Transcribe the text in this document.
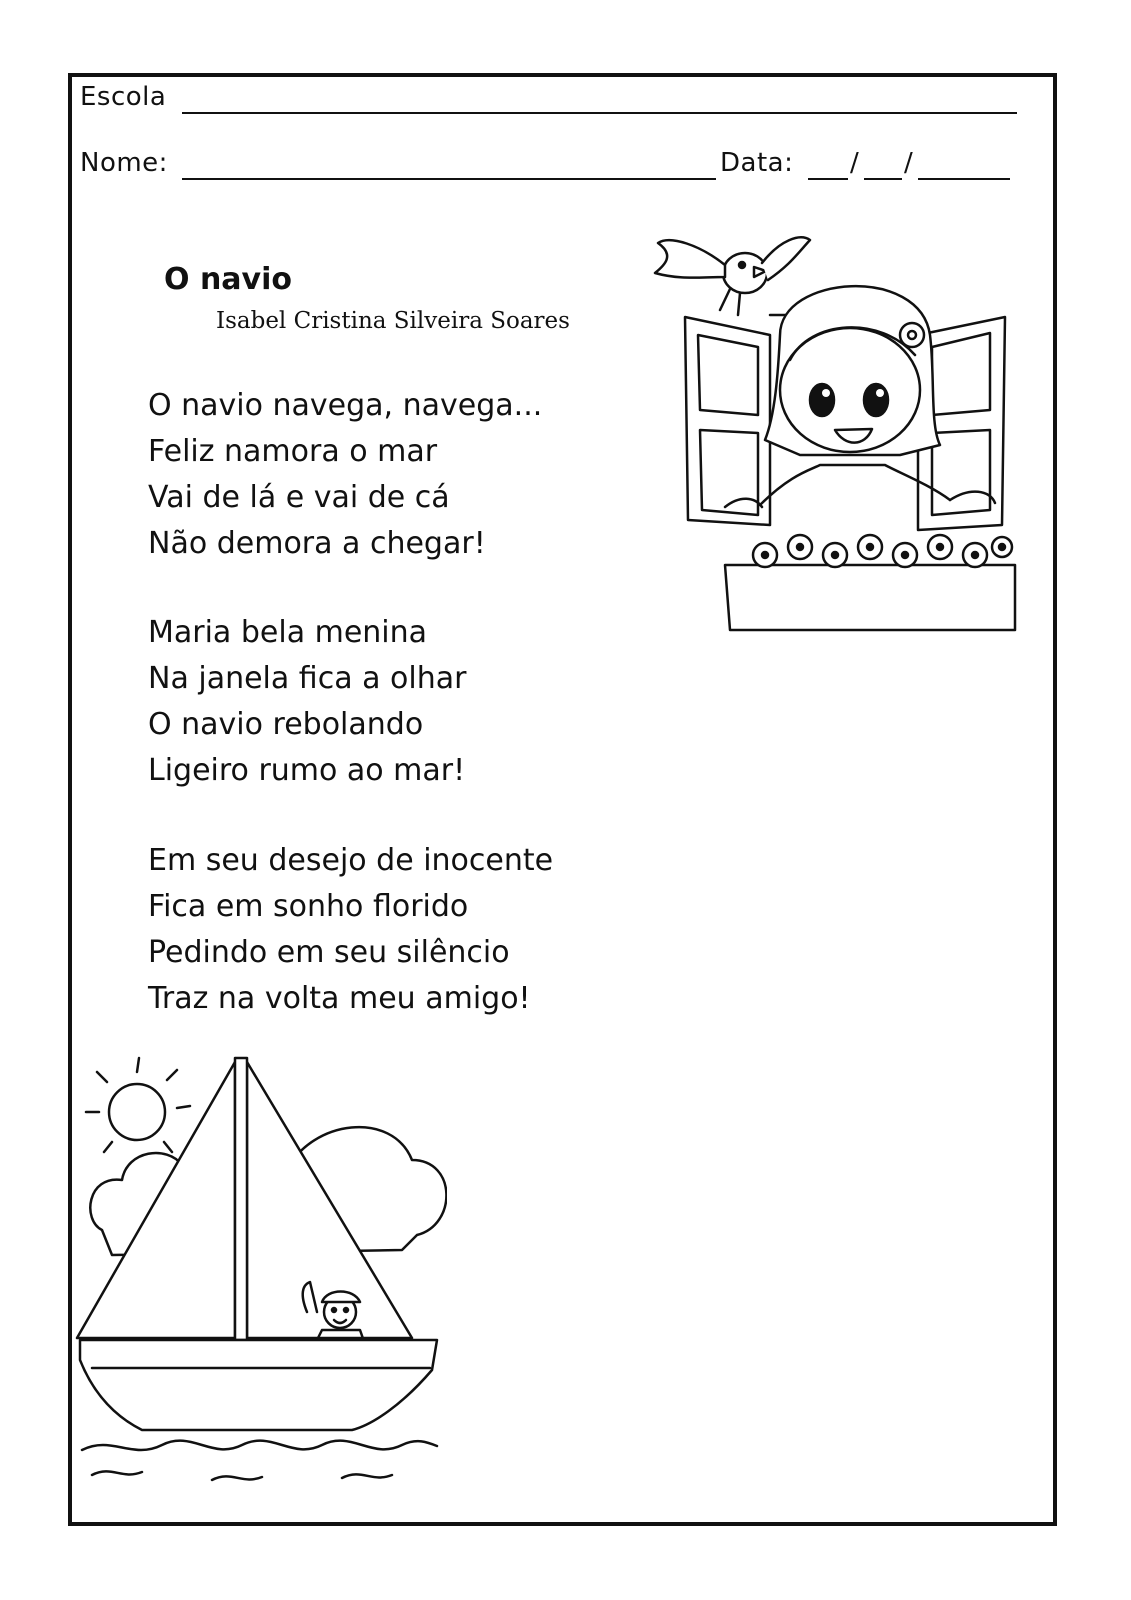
Escola
Nome:	Data: / /
O navio
Isabel Cristina Silveira Soares
O navio navega, navega...
Feliz namora o mar
Vai de lá e vai de cá
Não demora a chegar!
Maria bela menina
Na janela fica a olhar
O navio rebolando
Ligeiro rumo ao mar!
Em seu desejo de inocente
Fica em sonho florido
Pedindo em seu silêncio
Traz na volta meu amigo!
